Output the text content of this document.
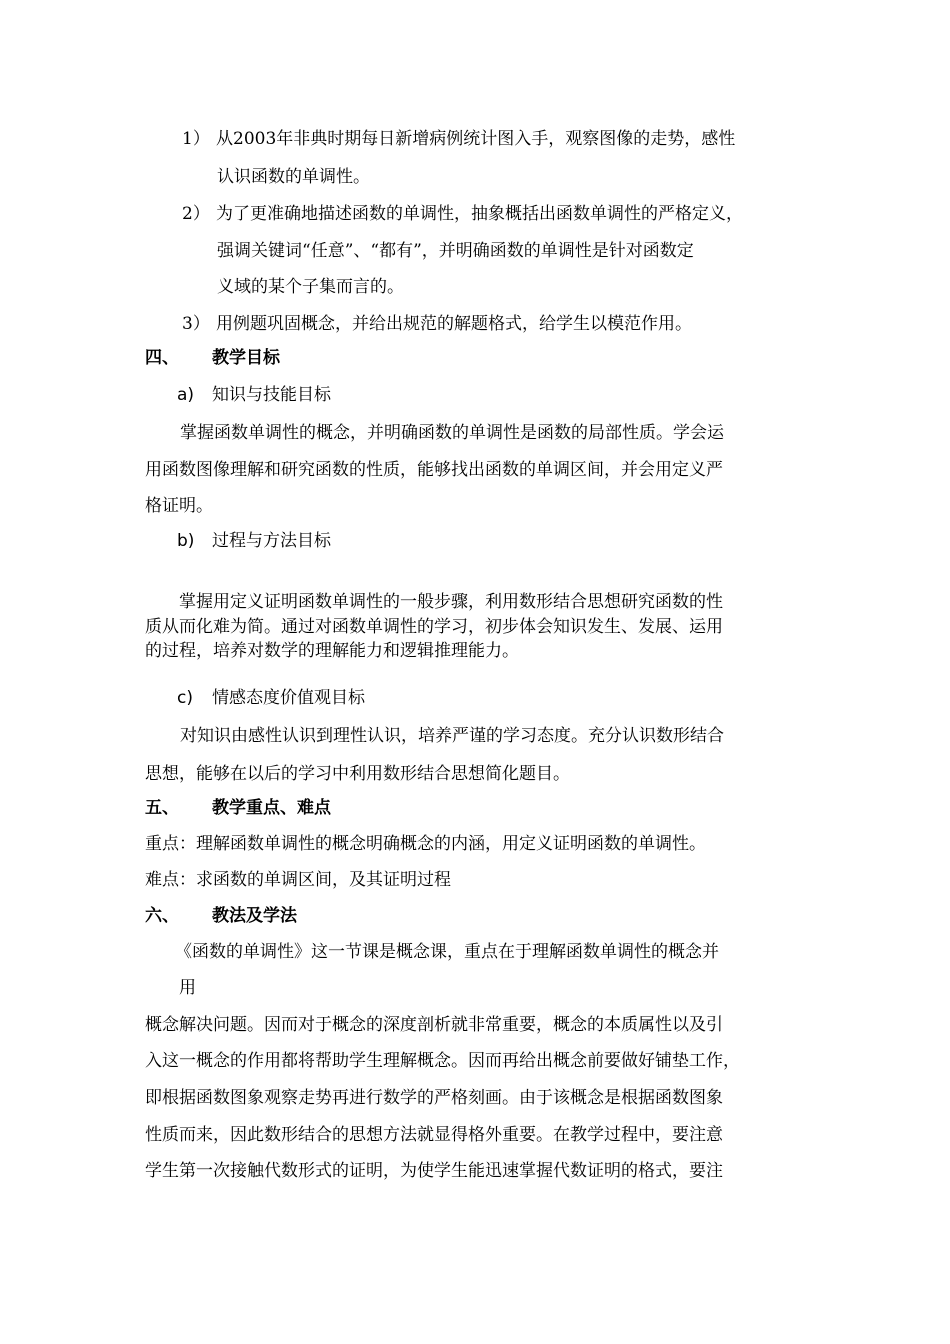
1） 从2003年非典时期每日新增病例统计图入手，观察图像的走势，感性
认识函数的单调性。
2） 为了更准确地描述函数的单调性，抽象概括出函数单调性的严格定义，
强调关键词“任意”、“都有”，并明确函数的单调性是针对函数定
义域的某个子集而言的。
3） 用例题巩固概念，并给出规范的解题格式，给学生以模范作用。
四、 教学目标
a) 知识与技能目标
掌握函数单调性的概念，并明确函数的单调性是函数的局部性质。学会运
用函数图像理解和研究函数的性质，能够找出函数的单调区间，并会用定义严
格证明。
b) 过程与方法目标
掌握用定义证明函数单调性的一般步骤，利用数形结合思想研究函数的性
质从而化难为简。通过对函数单调性的学习，初步体会知识发生、发展、运用
的过程，培养对数学的理解能力和逻辑推理能力。
c) 情感态度价值观目标
对知识由感性认识到理性认识，培养严谨的学习态度。充分认识数形结合
思想，能够在以后的学习中利用数形结合思想简化题目。
五、 教学重点、难点
重点：理解函数单调性的概念明确概念的内涵，用定义证明函数的单调性。
难点：求函数的单调区间，及其证明过程
六、 教法及学法
《函数的单调性》这一节课是概念课，重点在于理解函数单调性的概念并
用
概念解决问题。因而对于概念的深度剖析就非常重要，概念的本质属性以及引
入这一概念的作用都将帮助学生理解概念。因而再给出概念前要做好铺垫工作，
即根据函数图象观察走势再进行数学的严格刻画。由于该概念是根据函数图象
性质而来，因此数形结合的思想方法就显得格外重要。在教学过程中，要注意
学生第一次接触代数形式的证明，为使学生能迅速掌握代数证明的格式，要注
